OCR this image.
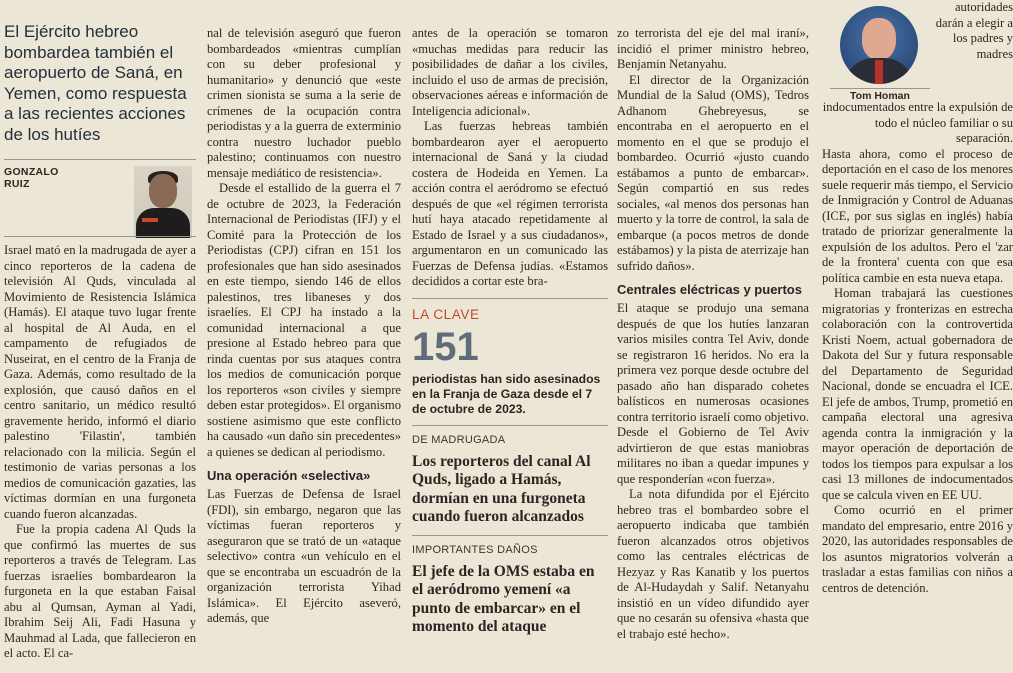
El Ejército hebreo bombardea también el aeropuerto de Saná, en Yemen, como respuesta a las recientes acciones de los hutíes
GONZALO
RUIZ

Israel mató en la madrugada de ayer a cinco reporteros de la cadena de televisión Al Quds, vinculada al Movimiento de Resistencia Islámica (Hamás). El ataque tuvo lugar frente al hospital de Al Auda, en el campamento de refugiados de Nuseirat, en el centro de la Franja de Gaza. Además, como resultado de la explosión, que causó daños en el centro sanitario, un médico resultó gravemente herido, informó el diario palestino 'Filastin', también relacionado con la milicia. Según el testimonio de varias personas a los medios de comunicación gazaties, las víctimas dormían en una furgoneta cuando fueron alcanzadas.

Fue la propia cadena Al Quds la que confirmó las muertes de sus reporteros a través de Telegram. Las fuerzas israelíes bombardearon la furgoneta en la que estaban Faisal abu al Qumsan, Ayman al Yadi, Ibrahim Seij Ali, Fadi Hasuna y Mauhmad al Lada, que fallecieron en el acto. El ca-

nal de televisión aseguró que fueron bombardeados «mientras cumplían con su deber profesional y humanitario» y denunció que «este crimen sionista se suma a la serie de crímenes de la ocupación contra periodistas y a la guerra de exterminio contra nuestro luchador pueblo palestino; continuamos con nuestro mensaje mediático de resistencia».

Desde el estallido de la guerra el 7 de octubre de 2023, la Federación Internacional de Periodistas (IFJ) y el Comité para la Protección de los Periodistas (CPJ) cifran en 151 los profesionales que han sido asesinados en este tiempo, siendo 146 de ellos palestinos, tres libaneses y dos israelíes. El CPJ ha instado a la comunidad internacional a que presione al Estado hebreo para que rinda cuentas por sus ataques contra los medios de comunicación porque los reporteros «son civiles y siempre deben estar protegidos». El organismo sostiene asimismo que este conflicto ha causado «un daño sin precedentes» a quienes se dedican al periodismo.

Una operación «selectiva»

Las Fuerzas de Defensa de Israel (FDI), sin embargo, negaron que las víctimas fueran reporteros y aseguraron que se trató de un «ataque selectivo» contra «un vehículo en el que se encontraba un escuadrón de la organización terrorista Yihad Islámica». El Ejército aseveró, además, que

antes de la operación se tomaron «muchas medidas para reducir las posibilidades de dañar a los civiles, incluido el uso de armas de precisión, observaciones aéreas e información de Inteligencia adicional».

Las fuerzas hebreas también bombardearon ayer el aeropuerto internacional de Saná y la ciudad costera de Hodeida en Yemen. La acción contra el aeródromo se efectuó después de que «el régimen terrorista hutí haya atacado repetidamente al Estado de Israel y a sus ciudadanos», argumentaron en un comunicado las Fuerzas de Defensa judías. «Estamos decididos a cortar este bra-

LA CLAVE
151
periodistas han sido asesinados en la Franja de Gaza desde el 7 de octubre de 2023.
DE MADRUGADA
Los reporteros del canal Al Quds, ligado a Hamás, dormían en una furgoneta cuando fueron alcanzados
IMPORTANTES DAÑOS
El jefe de la OMS estaba en el aeródromo yemení «a punto de embarcar» en el momento del ataque

zo terrorista del eje del mal iraní», incidió el primer ministro hebreo, Benjamin Netanyahu.

El director de la Organización Mundial de la Salud (OMS), Tedros Adhanom Ghebreyesus, se encontraba en el aeropuerto en el momento en el que se produjo el bombardeo. Ocurrió «justo cuando estábamos a punto de embarcar». Según compartió en sus redes sociales, «al menos dos personas han muerto y la torre de control, la sala de embarque (a pocos metros de donde estábamos) y la pista de aterrizaje han sufrido daños».

Centrales eléctricas y puertos

El ataque se produjo una semana después de que los hutíes lanzaran varios misiles contra Tel Aviv, donde se registraron 16 heridos. No era la primera vez porque desde octubre del pasado año han disparado cohetes balísticos en numerosas ocasiones contra territorio israelí como objetivo. Desde el Gobierno de Tel Aviv advirtieron de que estas maniobras militares no iban a quedar impunes y que responderían «con fuerza».

La nota difundida por el Ejército hebreo tras el bombardeo sobre el aeropuerto indicaba que también fueron alcanzados otros objetivos como las centrales eléctricas de Hezyaz y Ras Kanatib y los puertos de Al-Hudaydah y Salif. Netanyahu insistió en un vídeo difundido ayer que no cesarán su ofensiva «hasta que el trabajo esté hecho».

Tom Homan

autoridades darán a elegir a los padres y madres indocumentados entre la expulsión de todo el núcleo familiar o su separación.

Hasta ahora, como el proceso de deportación en el caso de los menores suele requerir más tiempo, el Servicio de Inmigración y Control de Aduanas (ICE, por sus siglas en inglés) había tratado de priorizar generalmente la expulsión de los adultos. Pero el 'zar de la frontera' cuenta con que esa política cambie en esta nueva etapa.

Homan trabajará las cuestiones migratorias y fronterizas en estrecha colaboración con la controvertida Kristi Noem, actual gobernadora de Dakota del Sur y futura responsable del Departamento de Seguridad Nacional, donde se encuadra el ICE. El jefe de ambos, Trump, prometió en campaña electoral una agresiva agenda contra la inmigración y la mayor operación de deportación de todos los tiempos para expulsar a los casi 13 millones de indocumentados que se calcula viven en EE UU.

Como ocurrió en el primer mandato del empresario, entre 2016 y 2020, las autoridades responsables de los asuntos migratorios volverán a trasladar a estas familias con niños a centros de detención.
